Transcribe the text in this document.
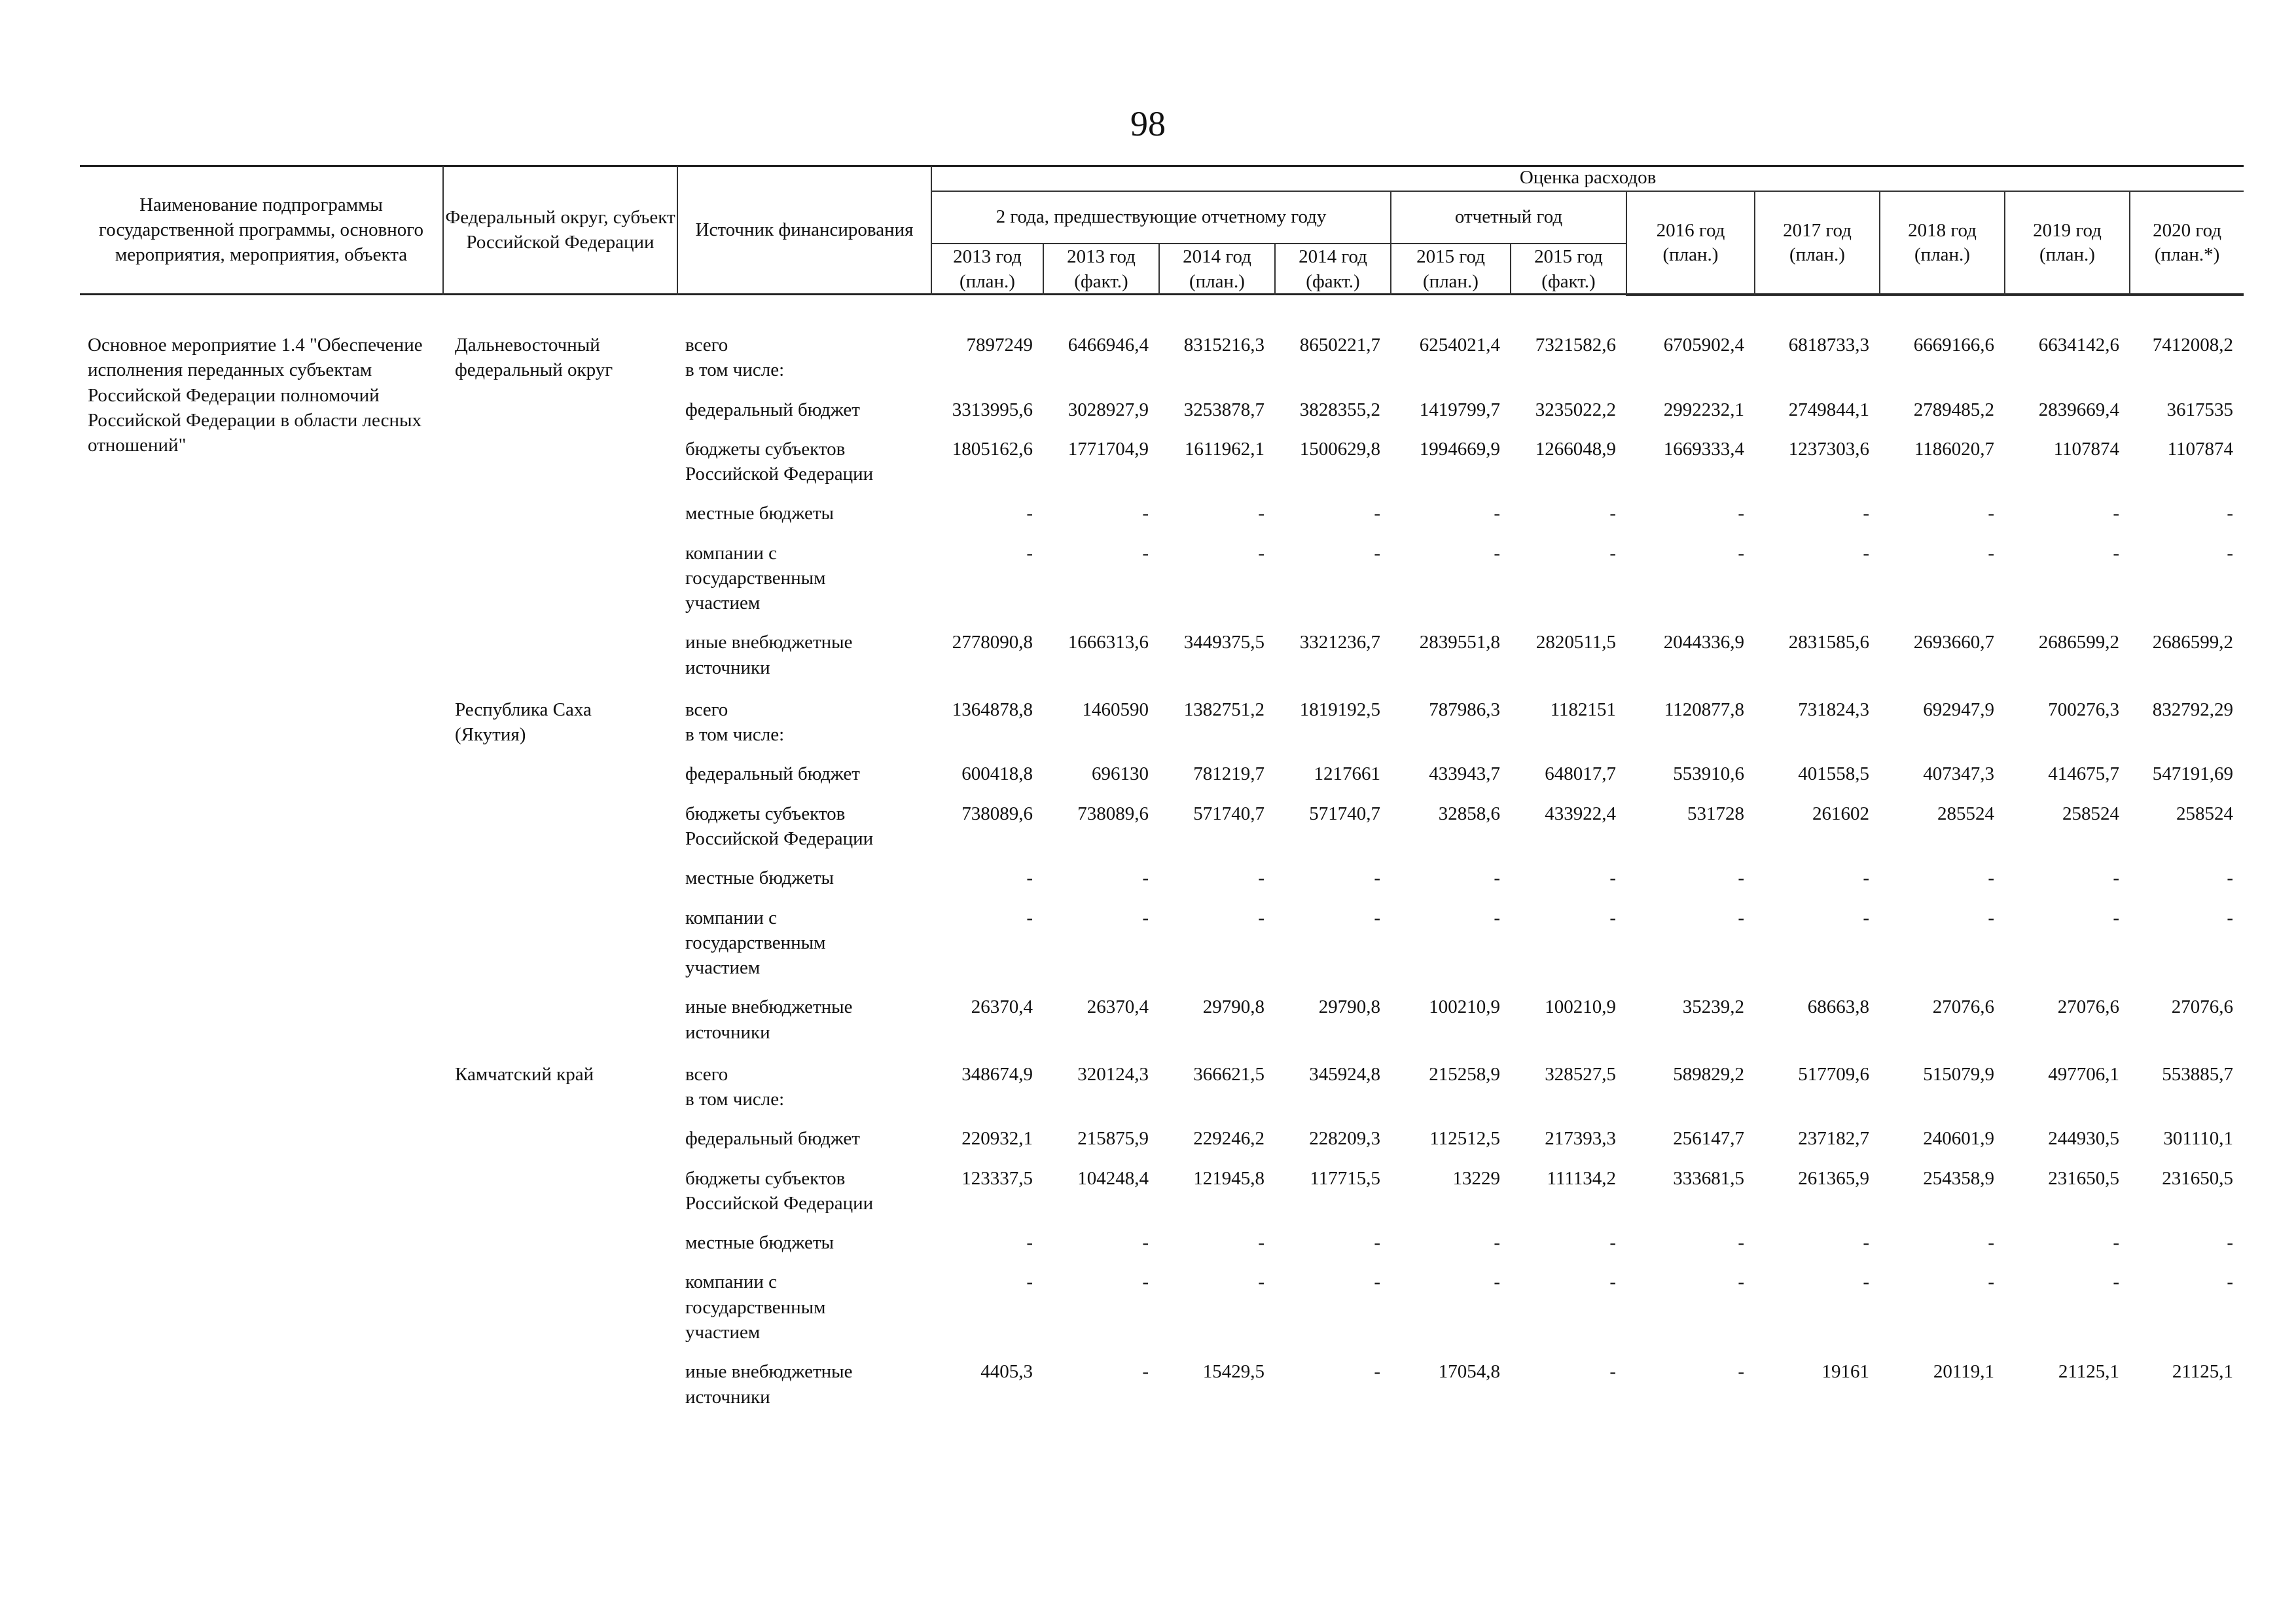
98
Наименование подпрограммы государственной программы, основного мероприятия, мероприятия, объекта	Федеральный округ, субъект Российской Федерации	Источник финансирования	Оценка расходов										
			2 года, предшествующие отчетному году				отчетный год		2016 год (план.)	2017 год (план.)	2018 год (план.)	2019 год (план.)	2020 год (план.*)
			2013 год (план.)	2013 год (факт.)	2014 год (план.)	2014 год (факт.)	2015 год (план.)	2015 год (факт.)					
Основное мероприятие 1.4 "Обеспечение исполнения переданных субъектам Российской Федерации полномочий Российской Федерации в области лесных отношений"	Дальневосточный федеральный округ	всего
в том числе:	7897249	6466946,4	8315216,3	8650221,7	6254021,4	7321582,6	6705902,4	6818733,3	6669166,6	6634142,6	7412008,2
		федеральный бюджет	3313995,6	3028927,9	3253878,7	3828355,2	1419799,7	3235022,2	2992232,1	2749844,1	2789485,2	2839669,4	3617535
		бюджеты субъектов
Российской Федерации	1805162,6	1771704,9	1611962,1	1500629,8	1994669,9	1266048,9	1669333,4	1237303,6	1186020,7	1107874	1107874
		местные бюджеты	-	-	-	-	-	-	-	-	-	-	-
		компании с
государственным
участием	-	-	-	-	-	-	-	-	-	-	-
		иные внебюджетные
источники	2778090,8	1666313,6	3449375,5	3321236,7	2839551,8	2820511,5	2044336,9	2831585,6	2693660,7	2686599,2	2686599,2
	Республика Саха
(Якутия)	всего
в том числе:	1364878,8	1460590	1382751,2	1819192,5	787986,3	1182151	1120877,8	731824,3	692947,9	700276,3	832792,29
		федеральный бюджет	600418,8	696130	781219,7	1217661	433943,7	648017,7	553910,6	401558,5	407347,3	414675,7	547191,69
		бюджеты субъектов
Российской Федерации	738089,6	738089,6	571740,7	571740,7	32858,6	433922,4	531728	261602	285524	258524	258524
		местные бюджеты	-	-	-	-	-	-	-	-	-	-	-
		компании с
государственным
участием	-	-	-	-	-	-	-	-	-	-	-
		иные внебюджетные
источники	26370,4	26370,4	29790,8	29790,8	100210,9	100210,9	35239,2	68663,8	27076,6	27076,6	27076,6
	Камчатский край	всего
в том числе:	348674,9	320124,3	366621,5	345924,8	215258,9	328527,5	589829,2	517709,6	515079,9	497706,1	553885,7
		федеральный бюджет	220932,1	215875,9	229246,2	228209,3	112512,5	217393,3	256147,7	237182,7	240601,9	244930,5	301110,1
		бюджеты субъектов
Российской Федерации	123337,5	104248,4	121945,8	117715,5	13229	111134,2	333681,5	261365,9	254358,9	231650,5	231650,5
		местные бюджеты	-	-	-	-	-	-	-	-	-	-	-
		компании с
государственным
участием	-	-	-	-	-	-	-	-	-	-	-
		иные внебюджетные
источники	4405,3	-	15429,5	-	17054,8	-	-	19161	20119,1	21125,1	21125,1
